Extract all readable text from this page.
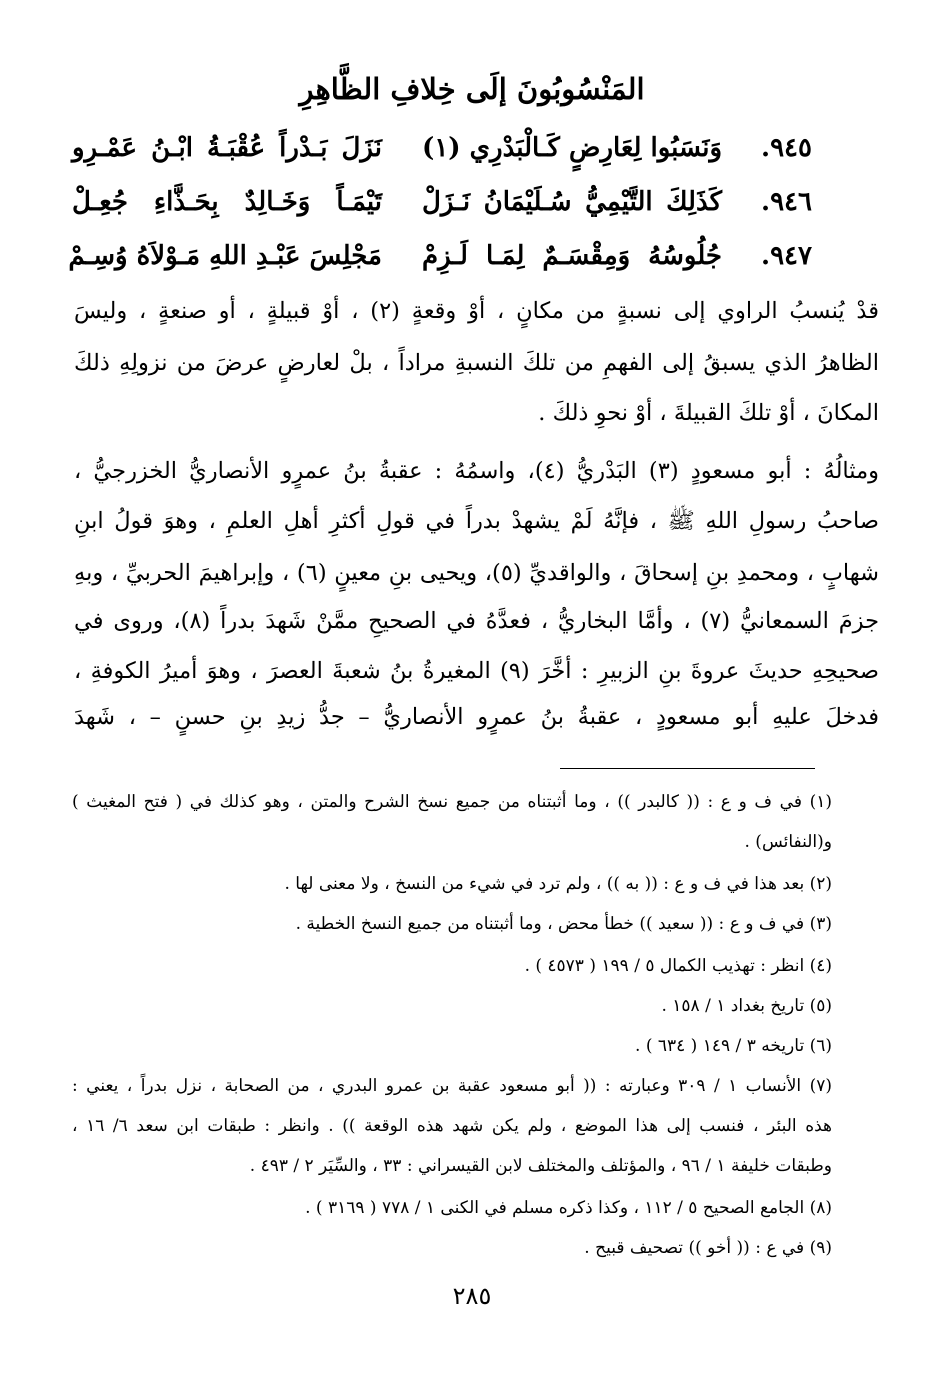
المَنْسُوبُونَ إلَى خِلافِ الظَّاهِرِ
٩٤٥.
وَنَسَبُوا لِعَارِضٍ كَـالْبَدْرِي (١)
نَزَلَ بَـدْراً عُقْبَـةُ ابْـنُ عَمْـرِو
٩٤٦.
كَذَلِكَ التَّيْمِيُّ سُـلَيْمَانُ نَـزَلْ
تَيْمَـاً وَخَـالِدٌ بِحَـذَّاءِ جُعِـلْ
٩٤٧.
جُلُوسُهُ وَمِقْسَـمٌ لِمَـا لَـزِمْ
مَجْلِسَ عَبْـدِ اللهِ مَـوْلاَهُ وُسِـمْ
قدْ يُنسبُ الراوي إلى نسبةٍ من مكانٍ ، أوْ وقعةٍ (٢) ، أوْ قبيلةٍ ، أو صنعةٍ ، وليسَ
الظاهرُ الذي يسبقُ إلى الفهمِ من تلكَ النسبةِ مراداً ، بلْ لعارضٍ عرضَ من نزولِهِ ذلكَ
المكانَ ، أوْ تلكَ القبيلةَ ، أوْ نحوِ ذلكَ .
ومثالُهُ : أبو مسعودٍ (٣) البَدْريُّ (٤)، واسمُهُ : عقبةُ بنُ عمرٍو الأنصاريُّ الخزرجيُّ ،
صاحبُ رسولِ اللهِ ﷺ ، فإنَّهُ لَمْ يشهدْ بدراً في قولِ أكثرِ أهلِ العلمِ ، وهوَ قولُ ابنِ
شهابٍ ، ومحمدِ بنِ إسحاقَ ، والواقديِّ (٥)، ويحيى بنِ معينٍ (٦) ، وإبراهيمَ الحربيِّ ، وبهِ
جزمَ السمعانيُّ (٧) ، وأمَّا البخاريُّ ، فعدَّهُ في الصحيحِ ممَّنْ شَهدَ بدراً (٨)، وروى في
صحيحِهِ حديثَ عروةَ بنِ الزبيرِ : أخَّرَ (٩) المغيرةُ بنُ شعبةَ العصرَ ، وهوَ أميرُ الكوفةِ ،
فدخلَ عليهِ أبو مسعودٍ ، عقبةُ بنُ عمرٍو الأنصاريُّ – جدُّ زيدِ بنِ حسنٍ – ، شَهدَ
(١) في ف و ع : (( كالبدر )) ، وما أثبتناه من جميع نسخ الشرح والمتن ، وهو كذلك في ( فتح المغيث )
و(النفائس) .
(٢) بعد هذا في ف و ع : (( به )) ، ولم ترد في شيء من النسخ ، ولا معنى لها .
(٣) في ف و ع : (( سعيد )) خطأ محض ، وما أثبتناه من جميع النسخ الخطية .
(٤) انظر : تهذيب الكمال ٥ / ١٩٩ ( ٤٥٧٣ ) .
(٥) تاريخ بغداد ١ / ١٥٨ .
(٦) تاريخه ٣ / ١٤٩ ( ٦٣٤ ) .
(٧) الأنساب ١ / ٣٠٩ وعبارته : (( أبو مسعود عقبة بن عمرو البدري ، من الصحابة ، نزل بدراً ، يعني :
هذه البئر ، فنسب إلى هذا الموضع ، ولم يكن شهد هذه الوقعة )) . وانظر : طبقات ابن سعد ٦/ ١٦ ،
وطبقات خليفة ١ / ٩٦ ، والمؤتلف والمختلف لابن القيسراني : ٣٣ ، والسِّيَر ٢ / ٤٩٣ .
(٨) الجامع الصحيح ٥ / ١١٢ ، وكذا ذكره مسلم في الكنى ١ / ٧٧٨ ( ٣١٦٩ ) .
(٩) في ع : (( أخو )) تصحيف قبيح .
٢٨٥
